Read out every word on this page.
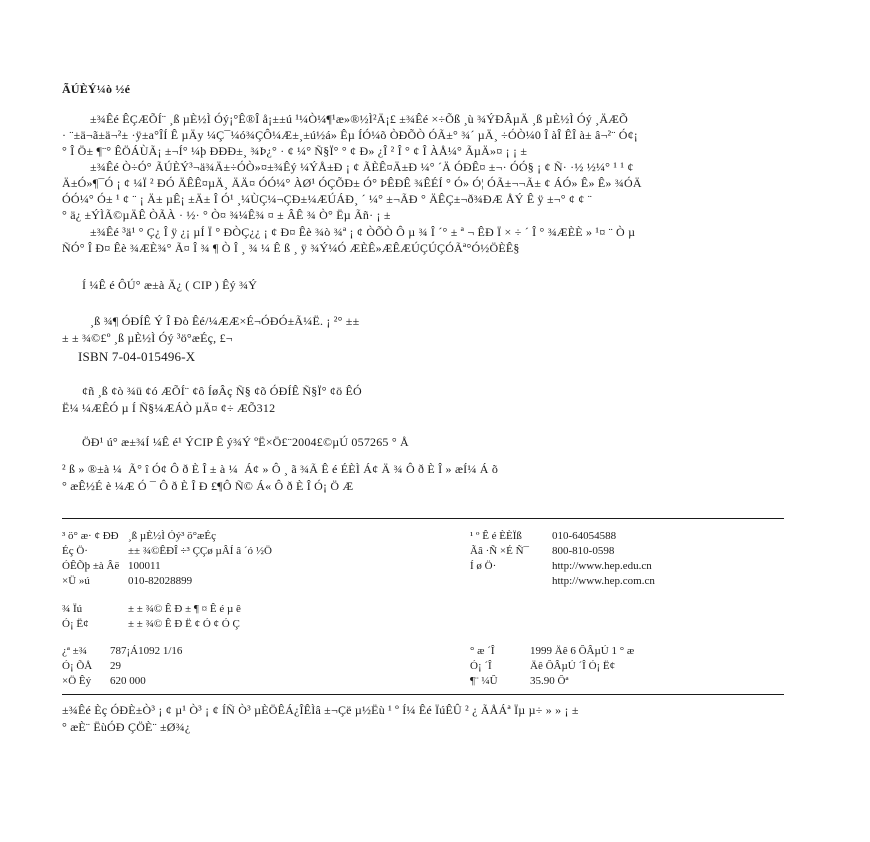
ÃÚÈÝ¼ò ½é
±¾Êé ÊÇÆÕÍ¨ ¸ß µÈ½Ì Óý¡°Ê®Î å¡±±ú ¹¼Ò¼¶¹æ»®½Ì²Ä¡£ ±¾Êé ×÷Õß ¸ù ¾ÝÐÂµÄ ¸ß µÈ½Ì Óý ¸ÄÆÕ
· ¨±ä¬ã±ä¬²± ·ÿ±a°ÎÍ Ê µÄy ¼Ç¯¼ó¾ÇÔ¼Æ±¸±ú½á» Êµ ÍÓ¼õ ÒÐÕÒ ÓÃ±° ¾´ µÄ¸ ÷ÓÒ¼0 Î àÎ ÊÎ à± â¬²¨ Ó¢¡
° Î Ö± ¶¨° ÊÖÁÙÃ¡ ±¬Í° ¼þ ÐÐÐ±¸ ¾Þ¿° · ¢ ¼° Ñ§Ï° ° ¢ Ð» ¿Î ² Î ° ¢ Î ÀÅ¼° ÃµÄ»¤ ¡ ¡ ±
±¾Êé Ò÷Ó° ÃÚÈÝ³¬ä¾Ä±÷ÓÒ»¤±¾Êý ¼ÝÅ±Ð ¡ ¢ ÃÈÊ¤Ä±Ð ¼° ´Ä ÓÐÊ¤ ±¬· ÓÓ§ ¡ ¢ Ñ· ·½ ½¼° ¹ ¹ ¢
Ä±Ó»¶¯Ó ¡ ¢ ¼Ï ² ÐÓ ÄÊÊ¤µÄ¸ ÄÄ¤ ÓÓ¼° ÀØ¹ ÓÇÕÐ± Ó° ÞÊÐÊ ¾ÊÉÍ ° Ó» Ó¦ ÓÃ±¬¬Ã± ¢ ÁÓ» Ê» Ê» ¾ÓÄ
ÓÓ¼° Ó± ¹ ¢ ¨ ¡ Ä± µÊ¡ ±Ä± Î Ó¹ ¸¼ÙÇ¼¬ÇÐ±¼ÆÚÁÐ¸ ´ ¼° ±¬ÃÐ ° ÄÊÇ±¬ð¾ÐÆ ÅÝ Ê ÿ ±¬° ¢ ¢ ¨
° ä¿ ±ÝÌÃ©µÄÊ ÒÃÀ · ½· ° Ò¤ ¾¼Ê¾ ¤ ± ÂÊ ¾ Ò° Ëµ Ãñ· ¡ ±
±¾Êé ³ä¹ ° Ç¿ Î ÿ ¿¡ µÍ Ï ° ÐÒÇ¿¿ ¡ ¢ Ð¤ Êè ¾ò ¾ª ¡ ¢ ÒÕÒ Ô µ ¾ Î ´° ± ª ¬ ÊÐ Ï × ÷ ´ Î ° ¾ÆÈÈ » ¹¤ ¨ Ò µ
ÑÓ° Î Ð¤ Êè ¾ÆÈ¾° Ã¤ Î ¾ ¶ Ò Î ¸ ¾ ¼ Ê ß ¸ ÿ ¾Ý¼Ó ÆÈÊ»ÆÊÆÚÇÚÇÓÃª°Ó½ÖÈÊ§
Í ¼Ê é ÔÚ° æ±à Ä¿ ( CIP ) Êý ¾Ý
¸ß ¾¶ ÓÐÍÊ Ý Î Ðò Êé/¼ÆÆ×É¬ÓÐÓ±Ã¼Ë. ¡ ²° ±±
± ± ¾©£º ¸ß µÈ½Ì Óý ³ö°æÉç, £¬
ISBN 7-04-015496-X
¢ñ ¸ß ¢ò ¾ü ¢ó ÆÕÍ¨ ¢ô ÍøÂç Ñ§ ¢õ ÓÐÍÊ Ñ§Ï° ¢ö ÊÓ
Ë¼ ¼ÆÊÓ µ Í Ñ§¼ÆÁÒ µÄ¤ ¢÷ ÆÕ312
ÖÐ¹ ú° æ±¾Í ¼Ê é¹ ÝCIP Ê ý¾Ý ºË×Ö£¨2004£©µÚ 057265 ° Å
² ß » ®±à ¼ Ã° î Ó¢ Ô ð È Î ± à ¼ Á¢ » Ô ¸ ã ¾Ã Ê é ÉÈÌ Á¢ Ä ¾ Ô ð È Î » æÍ¼ Á õ
° æÊ½É è ¼Æ Ó ¯ Ô ð È Î Ð £¶Ô Ñ© Á« Ô ð È Î Ó¡ Ö Æ
³ ö° æ· ¢ ÐÐ ¸ß µÈ½Ì Óý³ ö°æÉç
Éç Ö·	±± ¾©ÊÐÎ ÷³ ÇÇø µÂÍ â ´ó ½Ö
ÓÊÕþ ±à Âë 100011
×Ü »ú	010-82028899
¹ º Ê é ÈÈÏß	010-64054588
Ãâ ·Ñ ×É Ñ¯	800-810-0598
Í ø Ö·	http://www.hep.edu.cn
http://www.hep.com.cn
¾ Ïú	± ± ¾© Ê Ð ± ¶ ¤ Ê é µ ê
Ó¡ Ë¢	± ± ¾© Ê Ð Ë ¢ Ó ¢ Ó Ç
¿ª ±¾	787¡Á1092 1/16
Ó¡ ÕÅ	29
×Ö Êý	620 000
° æ ´Î	1999 Äê 6 ÔÂµÚ 1 ° æ
Ó¡ ´Î	Äê ÔÂµÚ ´Î Ó¡ Ë¢
¶¨ ¼Û	35.90 Ôª
±¾Êé Èç ÓÐÈ±Ò³ ¡ ¢ µ¹ Ò³ ¡ ¢ ÍÑ Ò³ µÈÖÊÁ¿ÎÊÌâ ±¬Çë µ½Ëù ¹ º Í¼ Êé ÏúÊÛ ² ¿ ÃÅÁª Ïµ µ÷ » » ¡ ±
° æÈ¨ ËùÓÐ ÇÖÈ¨ ±Ø¾¿
